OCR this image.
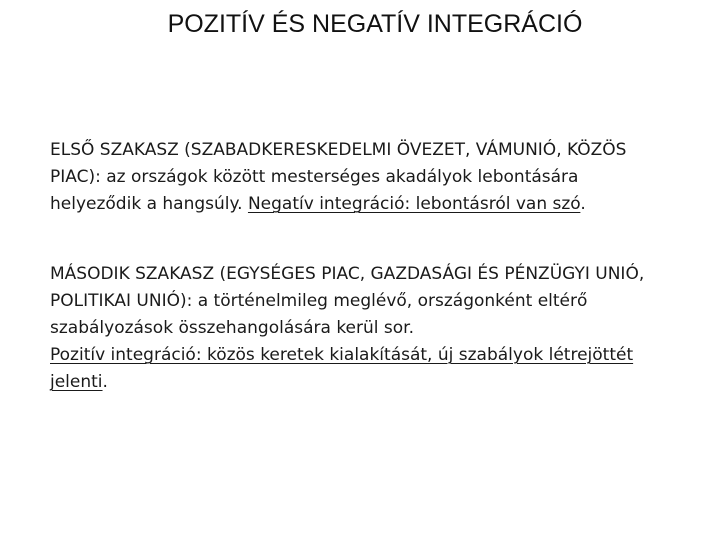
POZITÍV ÉS NEGATÍV INTEGRÁCIÓ
ELSŐ SZAKASZ (SZABADKERESKEDELMI ÖVEZET, VÁMUNIÓ, KÖZÖS
PIAC): az országok között mesterséges akadályok lebontására
helyeződik a hangsúly. Negatív integráció: lebontásról van szó.
MÁSODIK SZAKASZ (EGYSÉGES PIAC, GAZDASÁGI ÉS PÉNZÜGYI UNIÓ,
POLITIKAI UNIÓ): a történelmileg meglévő, országonként eltérő
szabályozások összehangolására kerül sor.
Pozitív integráció: közös keretek kialakítását, új szabályok létrejöttét
jelenti.
